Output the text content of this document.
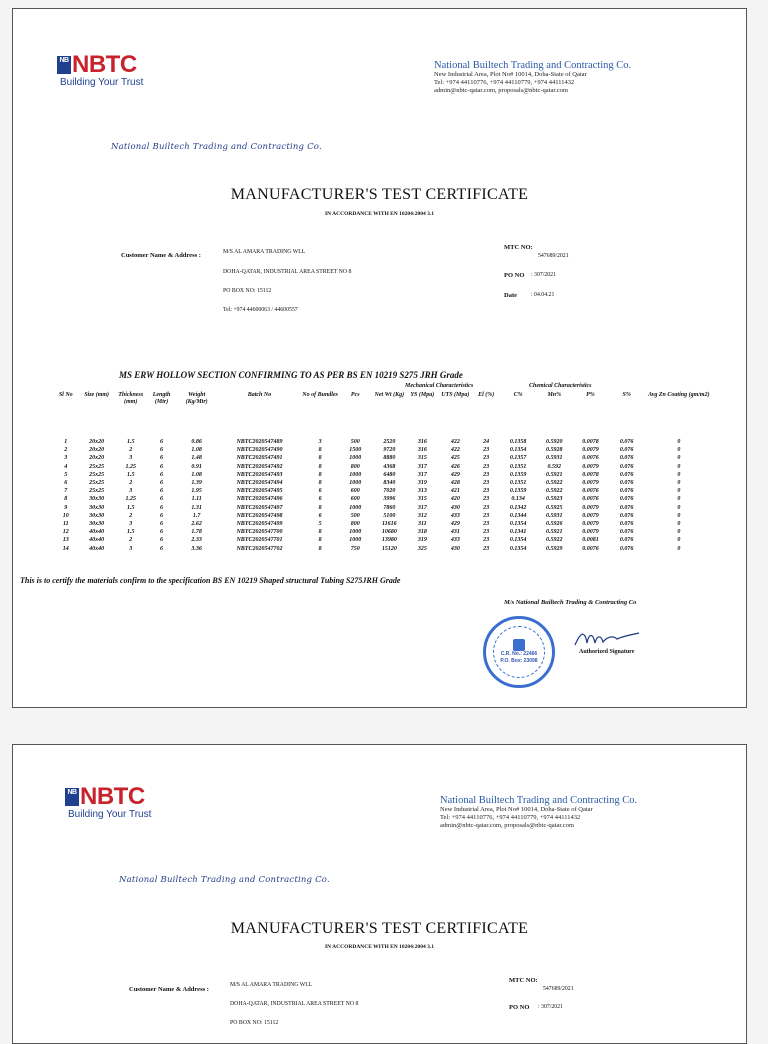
NB NBTC
Building Your Trust
National Builtech Trading and Contracting Co.
New Industrial Area, Plot No# 10014, Doha-State of Qatar
Tel: +974 44110776, +974 44110779, +974 44111432
admin@nbtc-qatar.com, proposals@nbtc-qatar.com
National Builtech Trading and Contracting Co.
MANUFACTURER'S TEST CERTIFICATE
IN ACCORDANCE WITH EN 10204:2004 3.1
Customer Name & Address :	M/S AL AMARA TRADING WLL
DOHA-QATAR, INDUSTRIAL AREA STREET NO 8
PO BOX NO: 15112
Tel: +974 44600063 / 44600557
MTC NO:
547689/2021
PO NO : 307/2021
Date : 04.04.21
MS ERW HOLLOW SECTION CONFIRMING TO AS PER BS EN 10219 S275 JRH Grade
Mechanical Characteristics	Chemical Characteristics
Sl No	Size (mm)	Thickness (mm)	Length (Mtr)	Weight (Kg/Mtr)	Batch No	No of Bundles	Pcs	Net Wt (Kg)	YS (Mpa)	UTS (Mpa)	El (%)	C%	Mn%	P%	S%	Avg Zn Coating (gm/m2)
1	20x20	1.5	6	0.86	NBTC2020547489	3	500	2520	316	422	24	0.1358	0.5920	0.0078	0.076	0
2	20x20	2	6	1.08	NBTC2020547490	8	1500	9720	316	422	23	0.1354	0.5928	0.0079	0.076	0
3	20x20	3	6	1.48	NBTC2020547491	8	1000	8880	315	425	23	0.1357	0.5931	0.0076	0.076	0
4	25x25	1.25	6	0.91	NBTC2020547492	8	800	4368	317	426	23	0.1351	0.592	0.0079	0.076	0
5	25x25	1.5	6	1.08	NBTC2020547493	8	1000	6480	317	429	23	0.1359	0.5921	0.0078	0.076	0
6	25x25	2	6	1.39	NBTC2020547494	8	1000	8340	319	428	23	0.1351	0.5922	0.0079	0.076	0
7	25x25	3	6	1.95	NBTC2020547495	6	600	7020	313	421	23	0.1359	0.5922	0.0076	0.076	0
8	30x30	1.25	6	1.11	NBTC2020547496	6	600	3996	315	420	23	0.134	0.5923	0.0076	0.076	0
9	30x30	1.5	6	1.31	NBTC2020547497	8	1000	7860	317	430	23	0.1342	0.5925	0.0079	0.076	0
10	30x30	2	6	1.7	NBTC2020547498	6	500	5100	312	433	23	0.1344	0.5931	0.0079	0.076	0
11	30x30	3	6	2.62	NBTC2020547499	5	800	11616	311	429	23	0.1354	0.5926	0.0079	0.076	0
12	40x40	1.5	6	1.78	NBTC2020547700	8	1000	10680	318	431	23	0.1341	0.5921	0.0079	0.076	0
13	40x40	2	6	2.33	NBTC2020547701	8	1000	13980	319	433	23	0.1354	0.5922	0.0081	0.076	0
14	40x40	3	6	3.36	NBTC2020547702	8	750	15120	325	430	23	0.1354	0.5929	0.0076	0.076	0
This is to certify the materials confirm to the specification BS EN 10219 Shaped structural Tubing S275JRH Grade
M/s National Builtech Trading & Contracting Co
C.R. No.: 22466
P.O. Box: 23098
Authorized Signature
NB NBTC
Building Your Trust
National Builtech Trading and Contracting Co.
New Industrial Area, Plot No# 10014, Doha-State of Qatar
Tel: +974 44110776, +974 44110779, +974 44111432
admin@nbtc-qatar.com, proposals@nbtc-qatar.com
National Builtech Trading and Contracting Co.
MANUFACTURER'S TEST CERTIFICATE
IN ACCORDANCE WITH EN 10204:2004 3.1
Customer Name & Address :
M/S AL AMARA TRADING WLL
DOHA-QATAR, INDUSTRIAL AREA STREET NO 8
PO BOX NO: 15112
MTC NO:
547689/2021
PO NO : 307/2021
